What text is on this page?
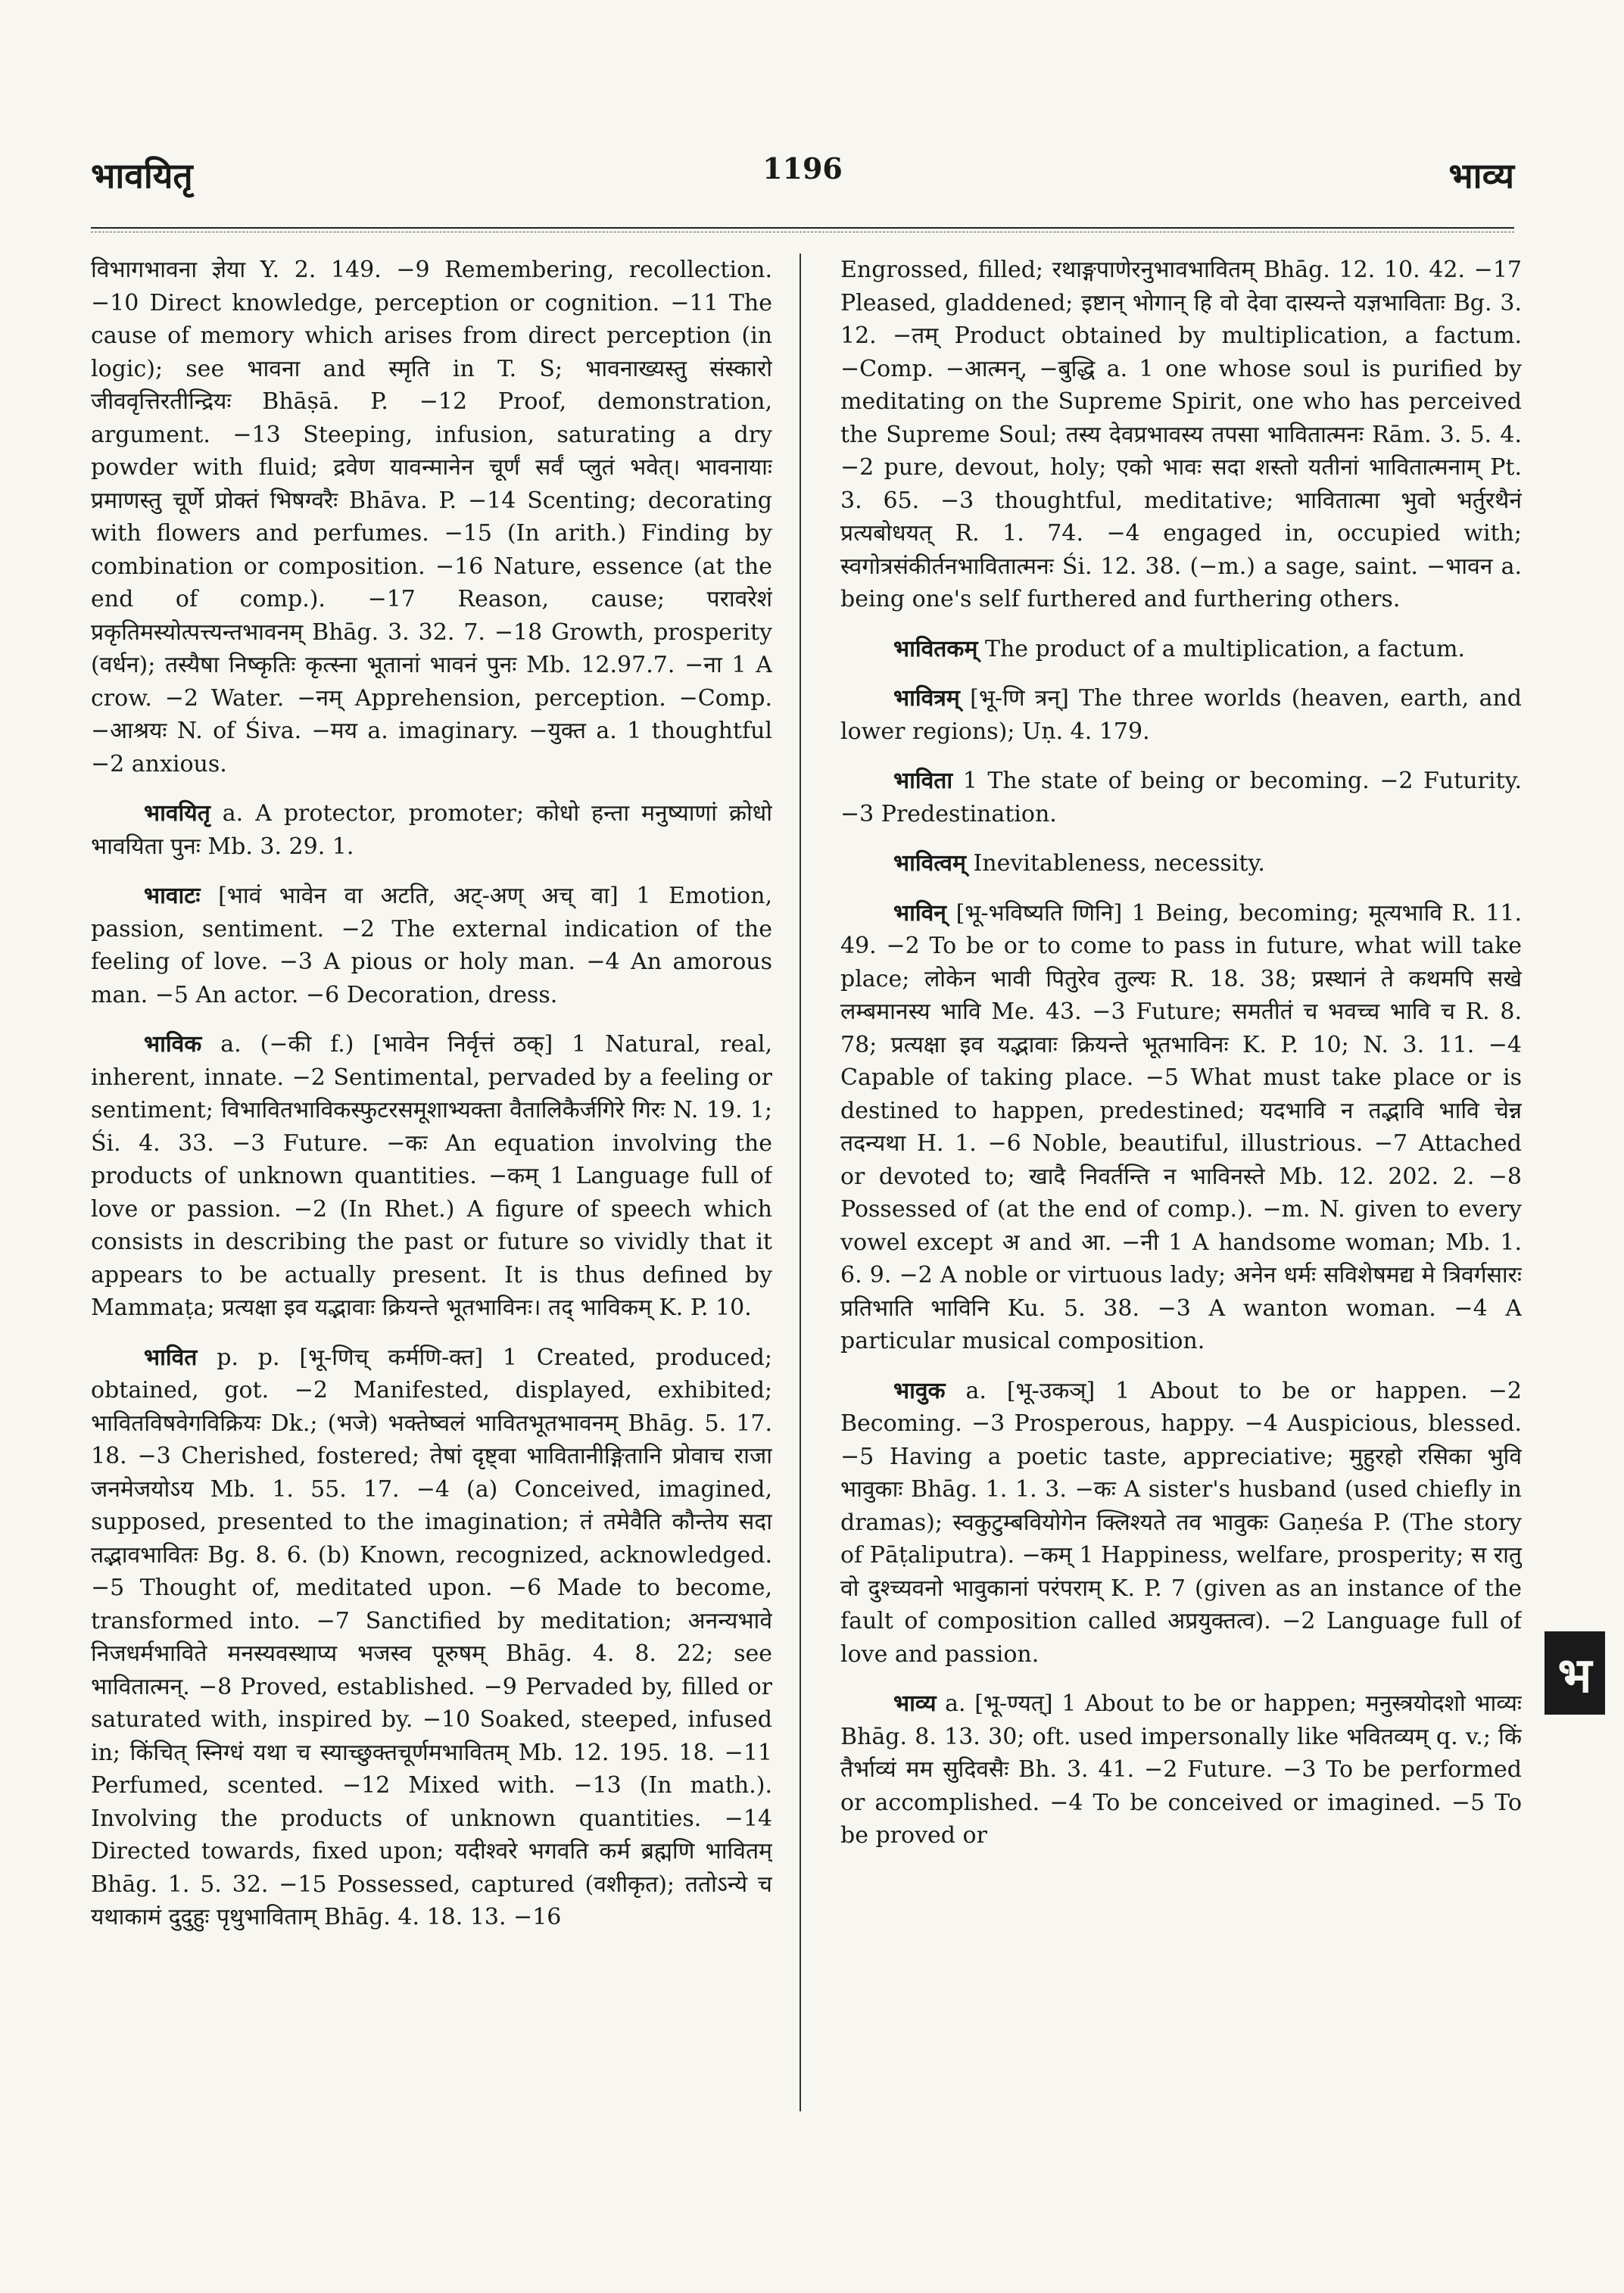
भावयितृ	1196	भाव्य

विभागभावना ज्ञेया Y. 2. 149. −9 Remembering, recollection. −10 Direct knowledge, perception or cognition. −11 The cause of memory which arises from direct perception (in logic); see भावना and स्मृति in T. S; भावनाख्यस्तु संस्कारो जीववृत्तिरतीन्द्रियः Bhāṣā. P. −12 Proof, demonstration, argument. −13 Steeping, infusion, saturating a dry powder with fluid; द्रवेण यावन्मानेन चूर्णं सर्वं प्लुतं भवेत्। भावनायाः प्रमाणस्तु चूर्णे प्रोक्तं भिषग्वरैः Bhāva. P. −14 Scenting; decorating with flowers and perfumes. −15 (In arith.) Finding by combination or composition. −16 Nature, essence (at the end of comp.). −17 Reason, cause; परावरेशं प्रकृतिमस्योत्पत्त्यन्तभावनम् Bhāg. 3. 32. 7. −18 Growth, prosperity (वर्धन); तस्यैषा निष्कृतिः कृत्स्ना भूतानां भावनं पुनः Mb. 12.97.7. −ना 1 A crow. −2 Water. −नम् Apprehension, perception. −Comp. −आश्रयः N. of Śiva. −मय a. imaginary. −युक्त a. 1 thoughtful −2 anxious.

भावयितृ a. A protector, promoter; कोधो हन्ता मनुष्याणां क्रोधो भावयिता पुनः Mb. 3. 29. 1.

भावाटः [भावं भावेन वा अटति, अट्-अण् अच् वा] 1 Emotion, passion, sentiment. −2 The external indication of the feeling of love. −3 A pious or holy man. −4 An amorous man. −5 An actor. −6 Decoration, dress.

भाविक a. (−की f.) [भावेन निर्वृत्तं ठक्] 1 Natural, real, inherent, innate. −2 Sentimental, pervaded by a feeling or sentiment; विभावितभाविकस्फुटरसमूशाभ्यक्ता वैतालिकैर्जगिरे गिरः N. 19. 1; Śi. 4. 33. −3 Future. −कः An equation involving the products of unknown quantities. −कम् 1 Language full of love or passion. −2 (In Rhet.) A figure of speech which consists in describing the past or future so vividly that it appears to be actually present. It is thus defined by Mammaṭa; प्रत्यक्षा इव यद्भावाः क्रियन्ते भूतभाविनः। तद् भाविकम् K. P. 10.

भावित p. p. [भू-णिच् कर्मणि-क्त] 1 Created, produced; obtained, got. −2 Manifested, displayed, exhibited; भावितविषवेगविक्रियः Dk.; (भजे) भक्तेष्वलं भावितभूतभावनम् Bhāg. 5. 17. 18. −3 Cherished, fostered; तेषां दृष्ट्वा भावितानीङ्गितानि प्रोवाच राजा जनमेजयोऽय Mb. 1. 55. 17. −4 (a) Conceived, imagined, supposed, presented to the imagination; तं तमेवैति कौन्तेय सदा तद्भावभावितः Bg. 8. 6. (b) Known, recognized, acknowledged. −5 Thought of, meditated upon. −6 Made to become, transformed into. −7 Sanctified by meditation; अनन्यभावे निजधर्मभाविते मनस्यवस्थाप्य भजस्व पूरुषम् Bhāg. 4. 8. 22; see भावितात्मन्. −8 Proved, established. −9 Pervaded by, filled or saturated with, inspired by. −10 Soaked, steeped, infused in; किंचित् स्निग्धं यथा च स्याच्छुक्तचूर्णमभावितम् Mb. 12. 195. 18. −11 Perfumed, scented. −12 Mixed with. −13 (In math.). Involving the products of unknown quantities. −14 Directed towards, fixed upon; यदीश्वरे भगवति कर्म ब्रह्मणि भावितम् Bhāg. 1. 5. 32. −15 Possessed, captured (वशीकृत); ततोऽन्ये च यथाकामं दुदुहुः पृथुभाविताम् Bhāg. 4. 18. 13. −16

Engrossed, filled; रथाङ्गपाणेरनुभावभावितम् Bhāg. 12. 10. 42. −17 Pleased, gladdened; इष्टान् भोगान् हि वो देवा दास्यन्ते यज्ञभाविताः Bg. 3. 12. −तम् Product obtained by multiplication, a factum. −Comp. −आत्मन्, −बुद्धि a. 1 one whose soul is purified by meditating on the Supreme Spirit, one who has perceived the Supreme Soul; तस्य देवप्रभावस्य तपसा भावितात्मनः Rām. 3. 5. 4. −2 pure, devout, holy; एको भावः सदा शस्तो यतीनां भावितात्मनाम् Pt. 3. 65. −3 thoughtful, meditative; भावितात्मा भुवो भर्तुरथैनं प्रत्यबोधयत् R. 1. 74. −4 engaged in, occupied with; स्वगोत्रसंकीर्तनभावितात्मनः Śi. 12. 38. (−m.) a sage, saint. −भावन a. being one's self furthered and furthering others.

भावितकम् The product of a multiplication, a factum.

भावित्रम् [भू-णि त्रन्] The three worlds (heaven, earth, and lower regions); Uṇ. 4. 179.

भाविता 1 The state of being or becoming. −2 Futurity. −3 Predestination.

भावित्वम् Inevitableness, necessity.

भाविन् [भू-भविष्यति णिनि] 1 Being, becoming; मूत्यभावि R. 11. 49. −2 To be or to come to pass in future, what will take place; लोकेन भावी पितुरेव तुल्यः R. 18. 38; प्रस्थानं ते कथमपि सखे लम्बमानस्य भावि Me. 43. −3 Future; समतीतं च भवच्च भावि च R. 8. 78; प्रत्यक्षा इव यद्भावाः क्रियन्ते भूतभाविनः K. P. 10; N. 3. 11. −4 Capable of taking place. −5 What must take place or is destined to happen, predestined; यदभावि न तद्भावि भावि चेन्न तदन्यथा H. 1. −6 Noble, beautiful, illustrious. −7 Attached or devoted to; खादै निवर्तन्ति न भाविनस्ते Mb. 12. 202. 2. −8 Possessed of (at the end of comp.). −m. N. given to every vowel except अ and आ. −नी 1 A handsome woman; Mb. 1. 6. 9. −2 A noble or virtuous lady; अनेन धर्मः सविशेषमद्य मे त्रिवर्गसारः प्रतिभाति भाविनि Ku. 5. 38. −3 A wanton woman. −4 A particular musical composition.

भावुक a. [भू-उकञ्] 1 About to be or happen. −2 Becoming. −3 Prosperous, happy. −4 Auspicious, blessed. −5 Having a poetic taste, appreciative; मुहुरहो रसिका भुवि भावुकाः Bhāg. 1. 1. 3. −कः A sister's husband (used chiefly in dramas); स्वकुटुम्बवियोगेन क्लिश्यते तव भावुकः Gaṇeśa P. (The story of Pāṭaliputra). −कम् 1 Happiness, welfare, prosperity; स रातु वो दुश्च्यवनो भावुकानां परंपराम् K. P. 7 (given as an instance of the fault of composition called अप्रयुक्तत्व). −2 Language full of love and passion.

भाव्य a. [भू-ण्यत्] 1 About to be or happen; मनुस्त्रयोदशो भाव्यः Bhāg. 8. 13. 30; oft. used impersonally like भवितव्यम् q. v.; किं तैर्भाव्यं मम सुदिवसैः Bh. 3. 41. −2 Future. −3 To be performed or accomplished. −4 To be conceived or imagined. −5 To be proved or

भ
